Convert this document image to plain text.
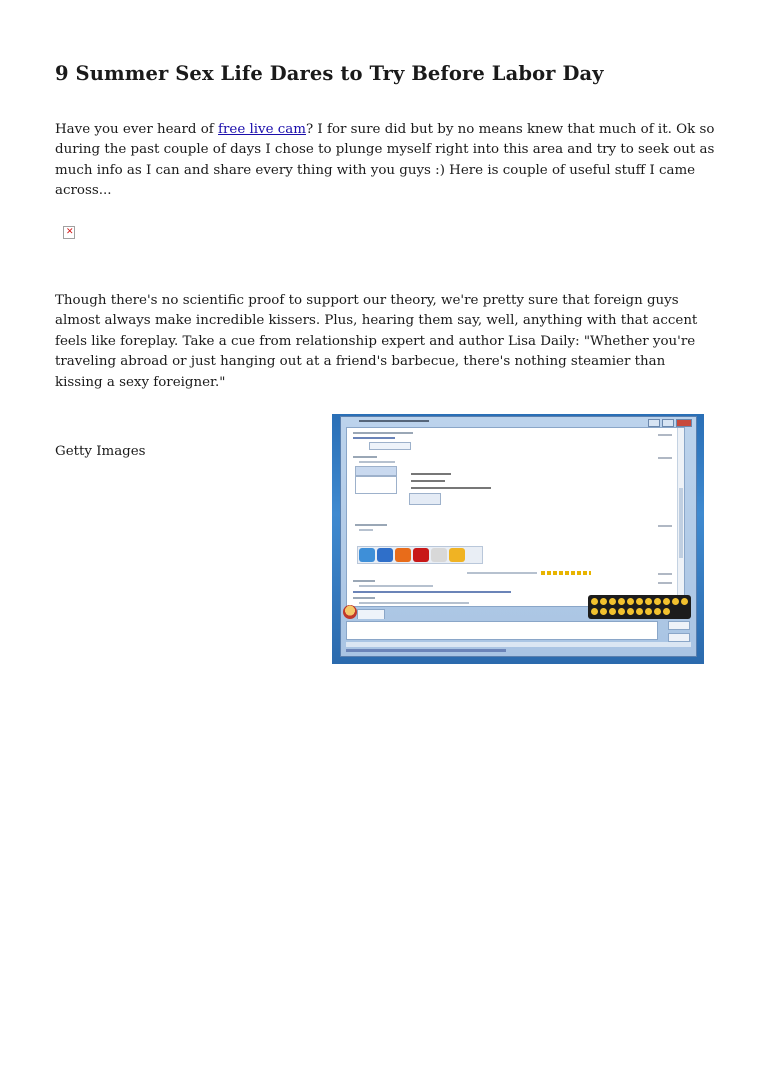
9 Summer Sex Life Dares to Try Before Labor Day

Have you ever heard of free live cam? I for sure did but by no means knew that much of it. Ok so during the past couple of days I chose to plunge myself right into this area and try to seek out as much info as I can and share every thing with you guys :) Here is couple of useful stuff I came across...

✕

Though there's no scientific proof to support our theory, we're pretty sure that foreign guys almost always make incredible kissers. Plus, hearing them say, well, anything with that accent feels like foreplay. Take a cue from relationship expert and author Lisa Daily: "Whether you're traveling abroad or just hanging out at a friend's barbecue, there's nothing steamier than kissing a sexy foreigner."

Getty Images
